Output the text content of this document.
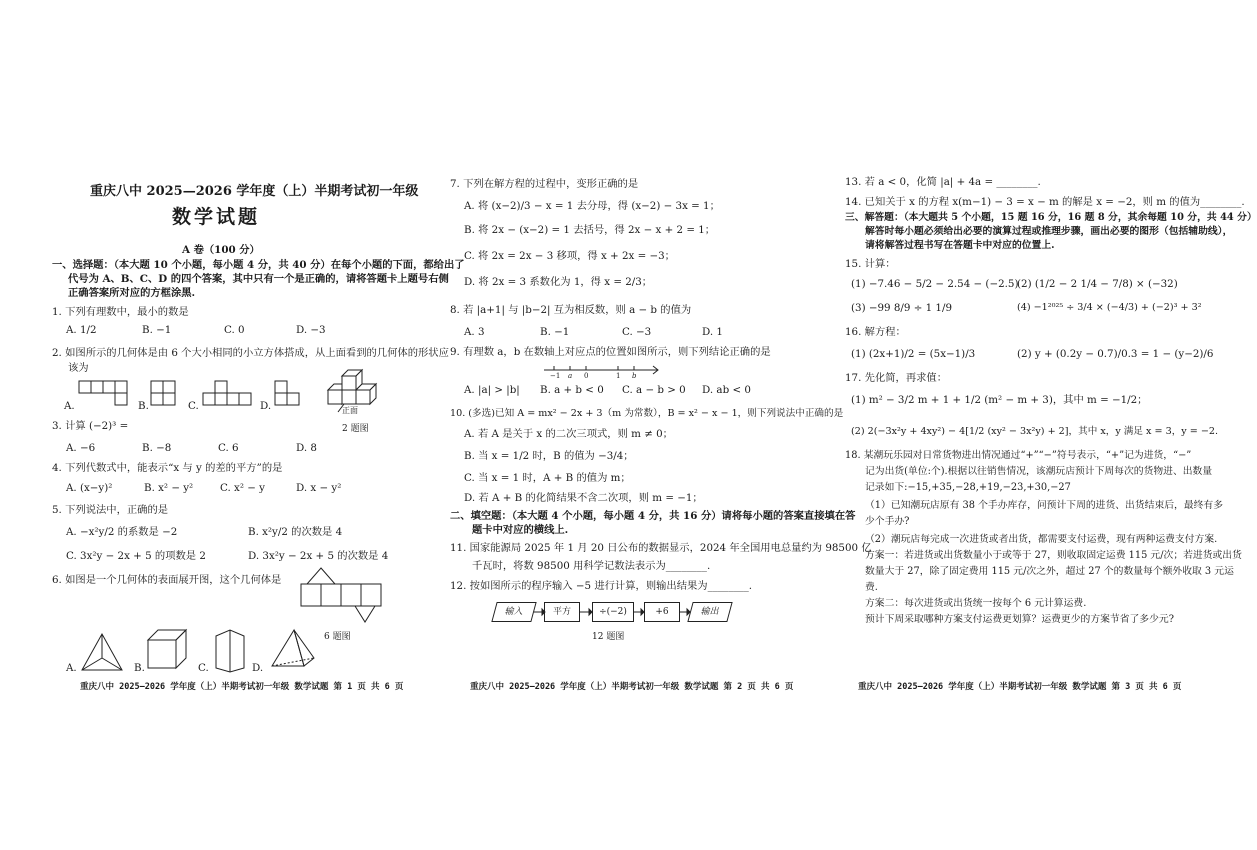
重庆八中 2025—2026 学年度（上）半期考试初一年级
数学试题
A 卷（100 分）
一、选择题：（本大题 10 个小题，每小题 4 分，共 40 分）在每个小题的下面，都给出了
代号为 A、B、C、D 的四个答案，其中只有一个是正确的，请将答题卡上题号右侧
正确答案所对应的方框涂黑.
1. 下列有理数中，最小的数是
A. 1/2	B. −1	C. 0	D. −3
2. 如图所示的几何体是由 6 个大小相同的小立方体搭成，从上面看到的几何体的形状应
该为
A.	B.	C.	D.	正面
2 题图
3. 计算 (−2)³ =
A. −6	B. −8	C. 6	D. 8
4. 下列代数式中，能表示“x 与 y 的差的平方”的是
A. (x−y)²	B. x² − y²	C. x² − y	D. x − y²
5. 下列说法中，正确的是
A. −x²y/2 的系数是 −2	B. x²y/2 的次数是 4
C. 3x²y − 2x + 5 的项数是 2	D. 3x²y − 2x + 5 的次数是 4
6. 如图是一个几何体的表面展开图，这个几何体是
6 题图
A.	B.	C.	D.
重庆八中 2025—2026 学年度（上）半期考试初一年级 数学试题 第 1 页 共 6 页
7. 下列在解方程的过程中，变形正确的是
A. 将 (x−2)/3 − x = 1 去分母，得 (x−2) − 3x = 1；
B. 将 2x − (x−2) = 1 去括号，得 2x − x + 2 = 1；
C. 将 2x = 2x − 3 移项，得 x + 2x = −3；
D. 将 2x = 3 系数化为 1，得 x = 2/3；
8. 若 |a+1| 与 |b−2| 互为相反数，则 a − b 的值为
A. 3	B. −1	C. −3	D. 1
9. 有理数 a，b 在数轴上对应点的位置如图所示，则下列结论正确的是
−1 a 0	1 b
A. |a| > |b| B. a + b < 0 C. a − b > 0 D. ab < 0
10. (多选)已知 A = mx² − 2x + 3（m 为常数），B = x² − x − 1，则下列说法中正确的是
A. 若 A 是关于 x 的二次三项式，则 m ≠ 0；
B. 当 x = 1/2 时，B 的值为 −3/4；
C. 当 x = 1 时，A + B 的值为 m；
D. 若 A + B 的化简结果不含二次项，则 m = −1；
二、填空题：（本大题 4 个小题，每小题 4 分，共 16 分）请将每小题的答案直接填在答
题卡中对应的横线上.
11. 国家能源局 2025 年 1 月 20 日公布的数据显示，2024 年全国用电总量约为 98500 亿
千瓦时，将数 98500 用科学记数法表示为________.
12. 按如图所示的程序输入 −5 进行计算，则输出结果为________.
输入	平方	÷(−2)	+6	输出
12 题图
重庆八中 2025—2026 学年度（上）半期考试初一年级 数学试题 第 2 页 共 6 页
13. 若 a < 0，化简 |a| + 4a = ________.
14. 已知关于 x 的方程 x(m−1) − 3 = x − m 的解是 x = −2，则 m 的值为________.
三、解答题：（本大题共 5 个小题，15 题 16 分，16 题 8 分，其余每题 10 分，共 44 分）
解答时每小题必须给出必要的演算过程或推理步骤，画出必要的图形（包括辅助线），
请将解答过程书写在答题卡中对应的位置上.
15. 计算：
(1) −7.46 − 5/2 − 2.54 − (−2.5)
(2) (1/2 − 2 1/4 − 7/8) × (−32)
(3) −99 8/9 ÷ 1 1/9	(4) −1²⁰²⁵ ÷ 3/4 × (−4/3) + (−2)³ + 3²
16. 解方程：
(1) (2x+1)/2 = (5x−1)/3	(2) y + (0.2y − 0.7)/0.3 = 1 − (y−2)/6
17. 先化简，再求值：
(1) m² − 3/2 m + 1 + 1/2 (m² − m + 3)，其中 m = −1/2；
(2) 2(−3x²y + 4xy²) − 4[1/2 (xy² − 3x²y) + 2]，其中 x，y 满足 x = 3，y = −2.
18. 某潮玩乐园对日常货物进出情况通过“+”“−”符号表示，“+”记为进货，“−”
记为出货(单位:个).根据以往销售情况，该潮玩店预计下周每次的货物进、出数量
记录如下:−15,+35,−28,+19,−23,+30,−27
（1）已知潮玩店原有 38 个手办库存，问预计下周的进货、出货结束后，最终有多
少个手办?
（2）潮玩店每完成一次进货或者出货，都需要支付运费，现有两种运费支付方案.
方案一：若进货或出货数量小于或等于 27，则收取固定运费 115 元/次；若进货或出货
数量大于 27，除了固定费用 115 元/次之外，超过 27 个的数量每个额外收取 3 元运
费.
方案二：每次进货或出货统一按每个 6 元计算运费.
预计下周采取哪种方案支付运费更划算？运费更少的方案节省了多少元?
重庆八中 2025—2026 学年度（上）半期考试初一年级 数学试题 第 3 页 共 6 页
